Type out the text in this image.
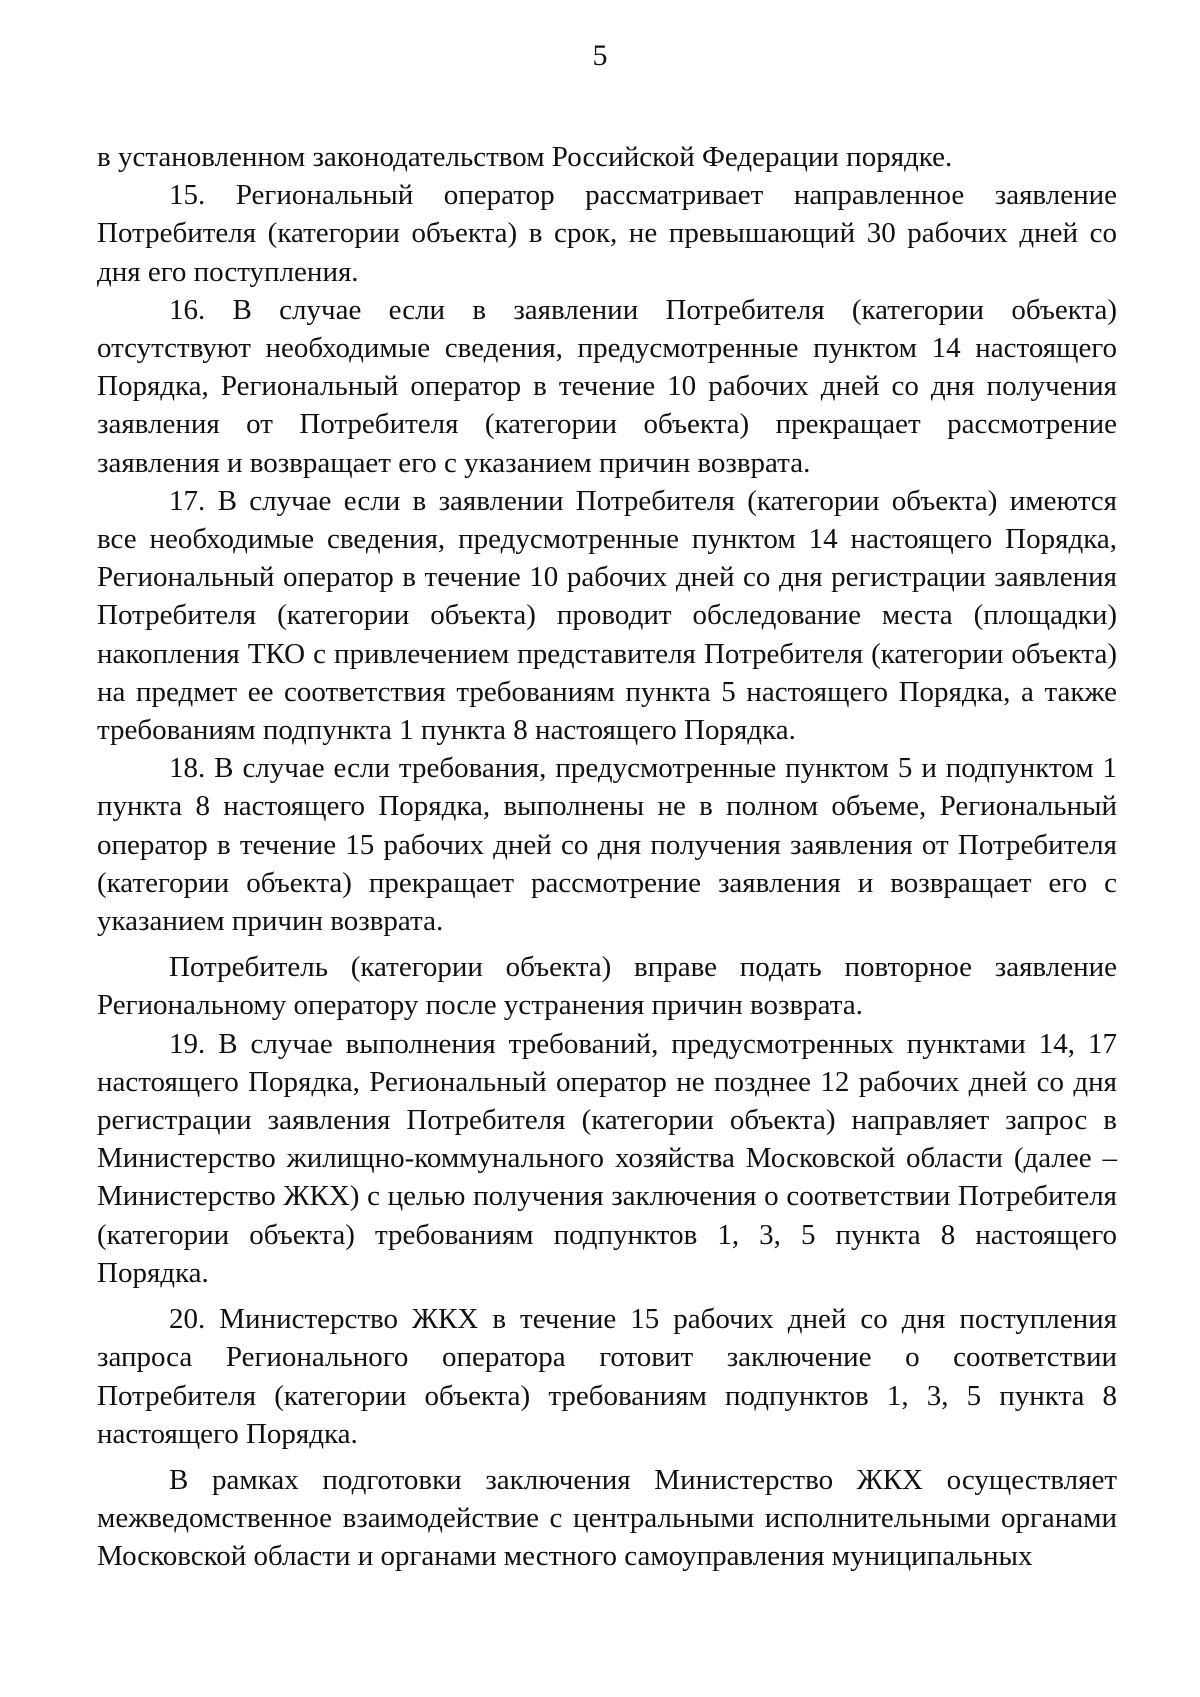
5

в установленном законодательством Российской Федерации порядке.

15. Региональный оператор рассматривает направленное заявление Потребителя (категории объекта) в срок, не превышающий 30 рабочих дней со дня его поступления.

16. В случае если в заявлении Потребителя (категории объекта) отсутствуют необходимые сведения, предусмотренные пунктом 14 настоящего Порядка, Региональный оператор в течение 10 рабочих дней со дня получения заявления от Потребителя (категории объекта) прекращает рассмотрение заявления и возвращает его с указанием причин возврата.

17. В случае если в заявлении Потребителя (категории объекта) имеются все необходимые сведения, предусмотренные пунктом 14 настоящего Порядка, Региональный оператор в течение 10 рабочих дней со дня регистрации заявления Потребителя (категории объекта) проводит обследование места (площадки) накопления ТКО с привлечением представителя Потребителя (категории объекта) на предмет ее соответствия требованиям пункта 5 настоящего Порядка, а также требованиям подпункта 1 пункта 8 настоящего Порядка.

18. В случае если требования, предусмотренные пунктом 5 и подпунктом 1 пункта 8 настоящего Порядка, выполнены не в полном объеме, Региональный оператор в течение 15 рабочих дней со дня получения заявления от Потребителя (категории объекта) прекращает рассмотрение заявления и возвращает его с указанием причин возврата.

Потребитель (категории объекта) вправе подать повторное заявление Региональному оператору после устранения причин возврата.

19. В случае выполнения требований, предусмотренных пунктами 14, 17 настоящего Порядка, Региональный оператор не позднее 12 рабочих дней со дня регистрации заявления Потребителя (категории объекта) направляет запрос в Министерство жилищно-коммунального хозяйства Московской области (далее – Министерство ЖКХ) с целью получения заключения о соответствии Потребителя (категории объекта) требованиям подпунктов 1, 3, 5 пункта 8 настоящего Порядка.

20. Министерство ЖКХ в течение 15 рабочих дней со дня поступления запроса Регионального оператора готовит заключение о соответствии Потребителя (категории объекта) требованиям подпунктов 1, 3, 5 пункта 8 настоящего Порядка.

В рамках подготовки заключения Министерство ЖКХ осуществляет межведомственное взаимодействие с центральными исполнительными органами Московской области и органами местного самоуправления муниципальных
